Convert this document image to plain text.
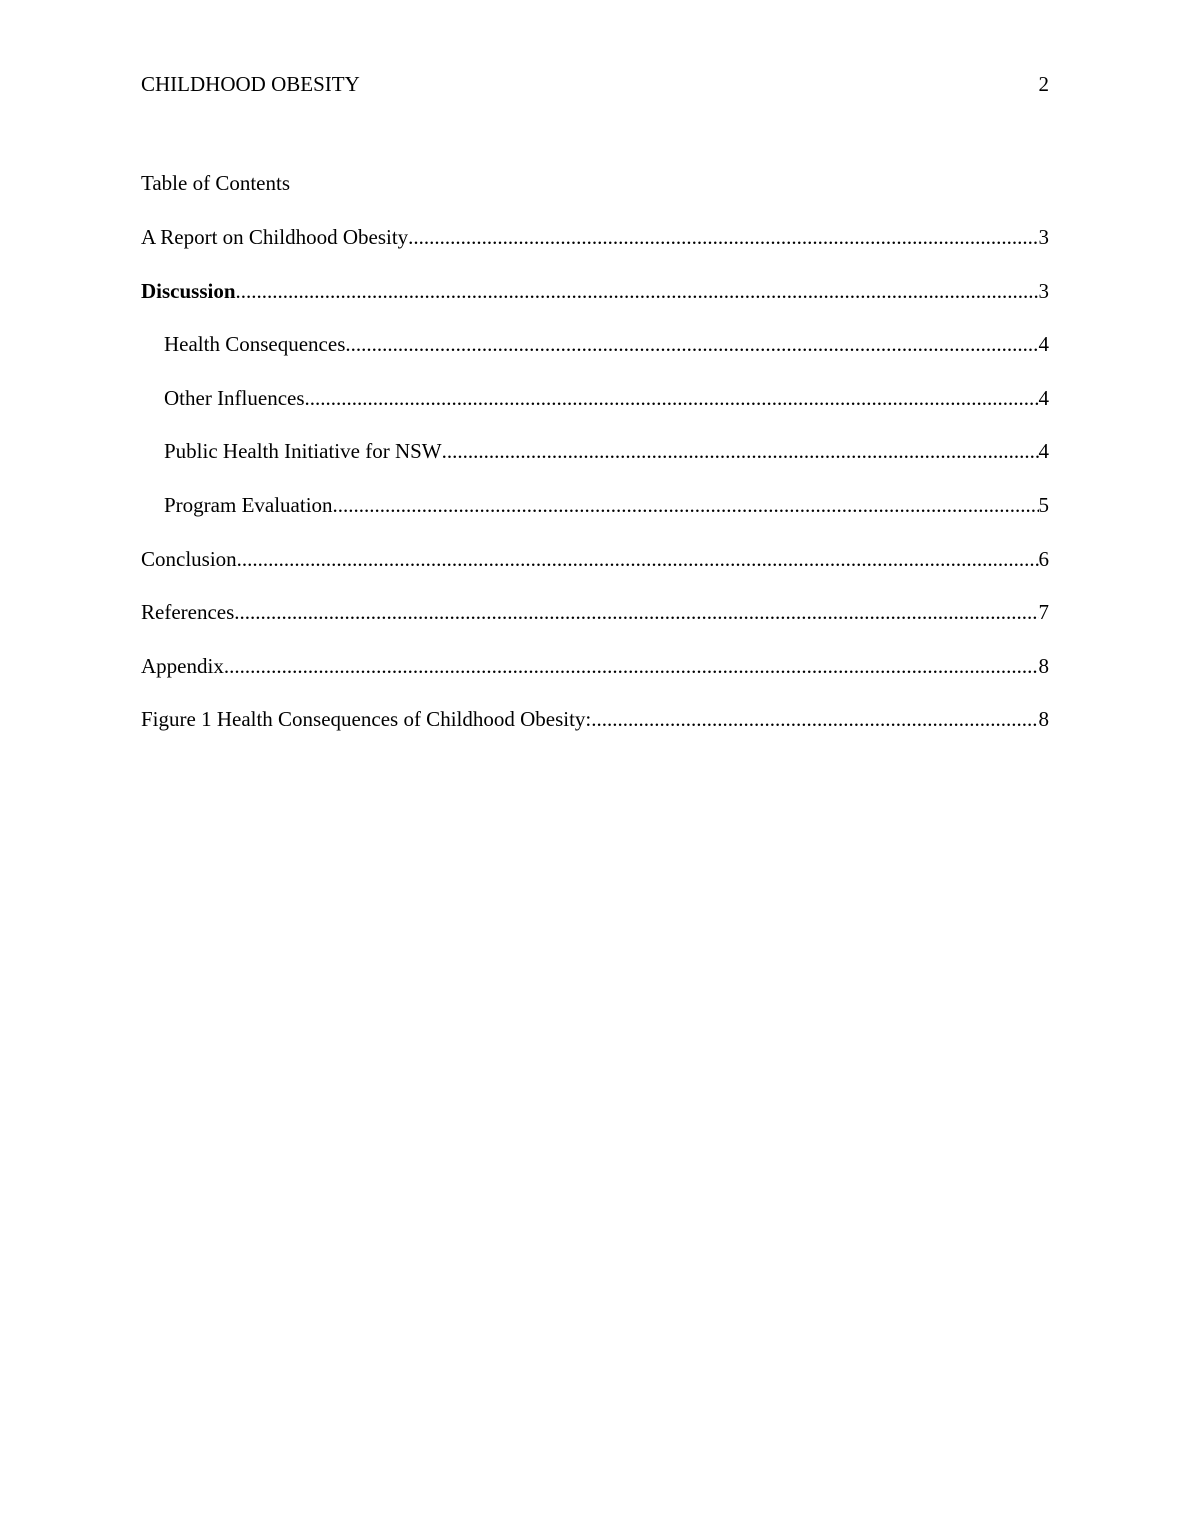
CHILDHOOD OBESITY	2
Table of Contents
A Report on Childhood Obesity .....	3
Discussion .....	3
Health Consequences .....	4
Other Influences .....	4
Public Health Initiative for NSW .....	4
Program Evaluation .....	5
Conclusion .....	6
References .....	7
Appendix .....	8
Figure 1 Health Consequences of Childhood Obesity: .....	8
